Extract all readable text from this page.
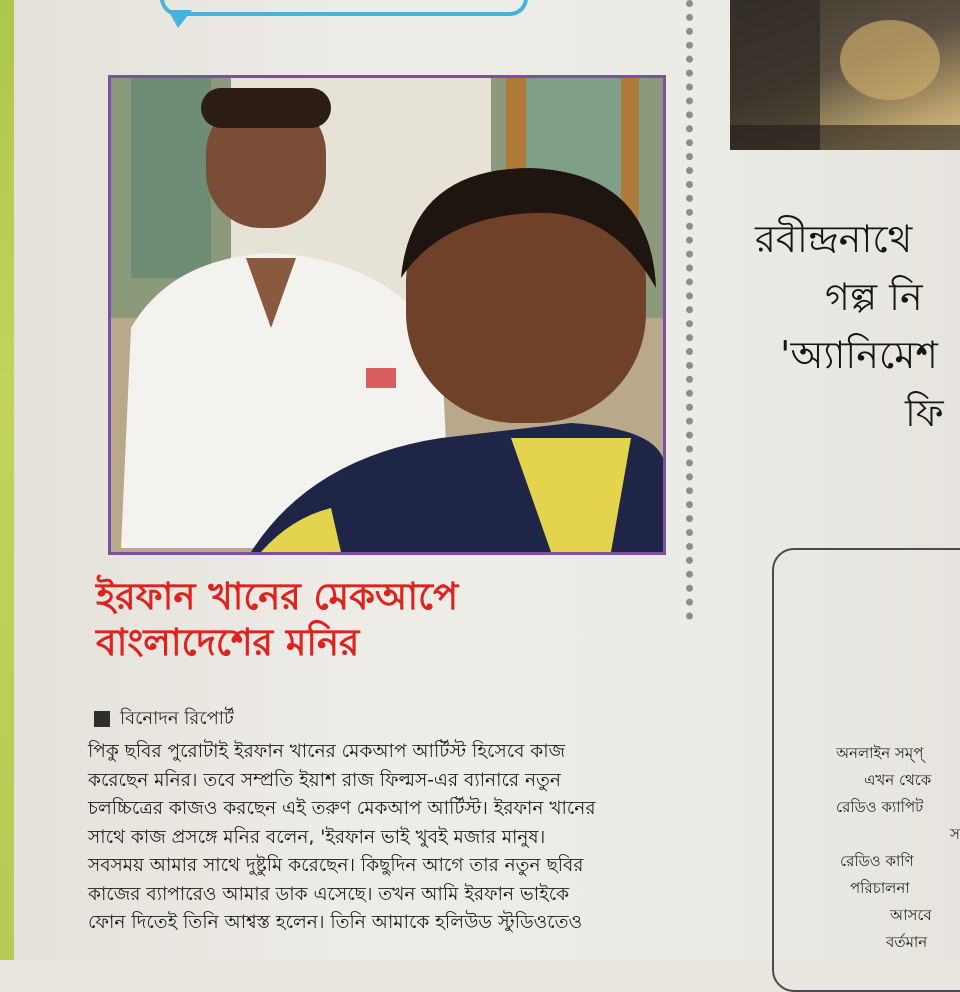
ইরফান খানের মেকআপে
বাংলাদেশের মনির
বিনোদন রিপোর্ট

পিকু ছবির পুরোটাই ইরফান খানের মেকআপ আর্টিস্ট হিসেবে কাজ
করেছেন মনির। তবে সম্প্রতি ইয়াশ রাজ ফিল্মস-এর ব্যানারে নতুন
চলচ্চিত্রের কাজও করছেন এই তরুণ মেকআপ আর্টিস্ট। ইরফান খানের
সাথে কাজ প্রসঙ্গে মনির বলেন, 'ইরফান ভাই খুবই মজার মানুষ।
সবসময় আমার সাথে দুষ্টুমি করেছেন। কিছুদিন আগে তার নতুন ছবির
কাজের ব্যাপারেও আমার ডাক এসেছে। তখন আমি ইরফান ভাইকে
ফোন দিতেই তিনি আশ্বস্ত হলেন। তিনি আমাকে হলিউড স্টুডিওতেও

রবীন্দ্রনাথে
গল্প নি
'অ্যানিমেশ
ফি
অনলাইন সম্প্
এখন থেকে
রেডিও ক্যাপিট
স
রেডিও কাণি
পরিচালনা
আসবে
বর্তমান
